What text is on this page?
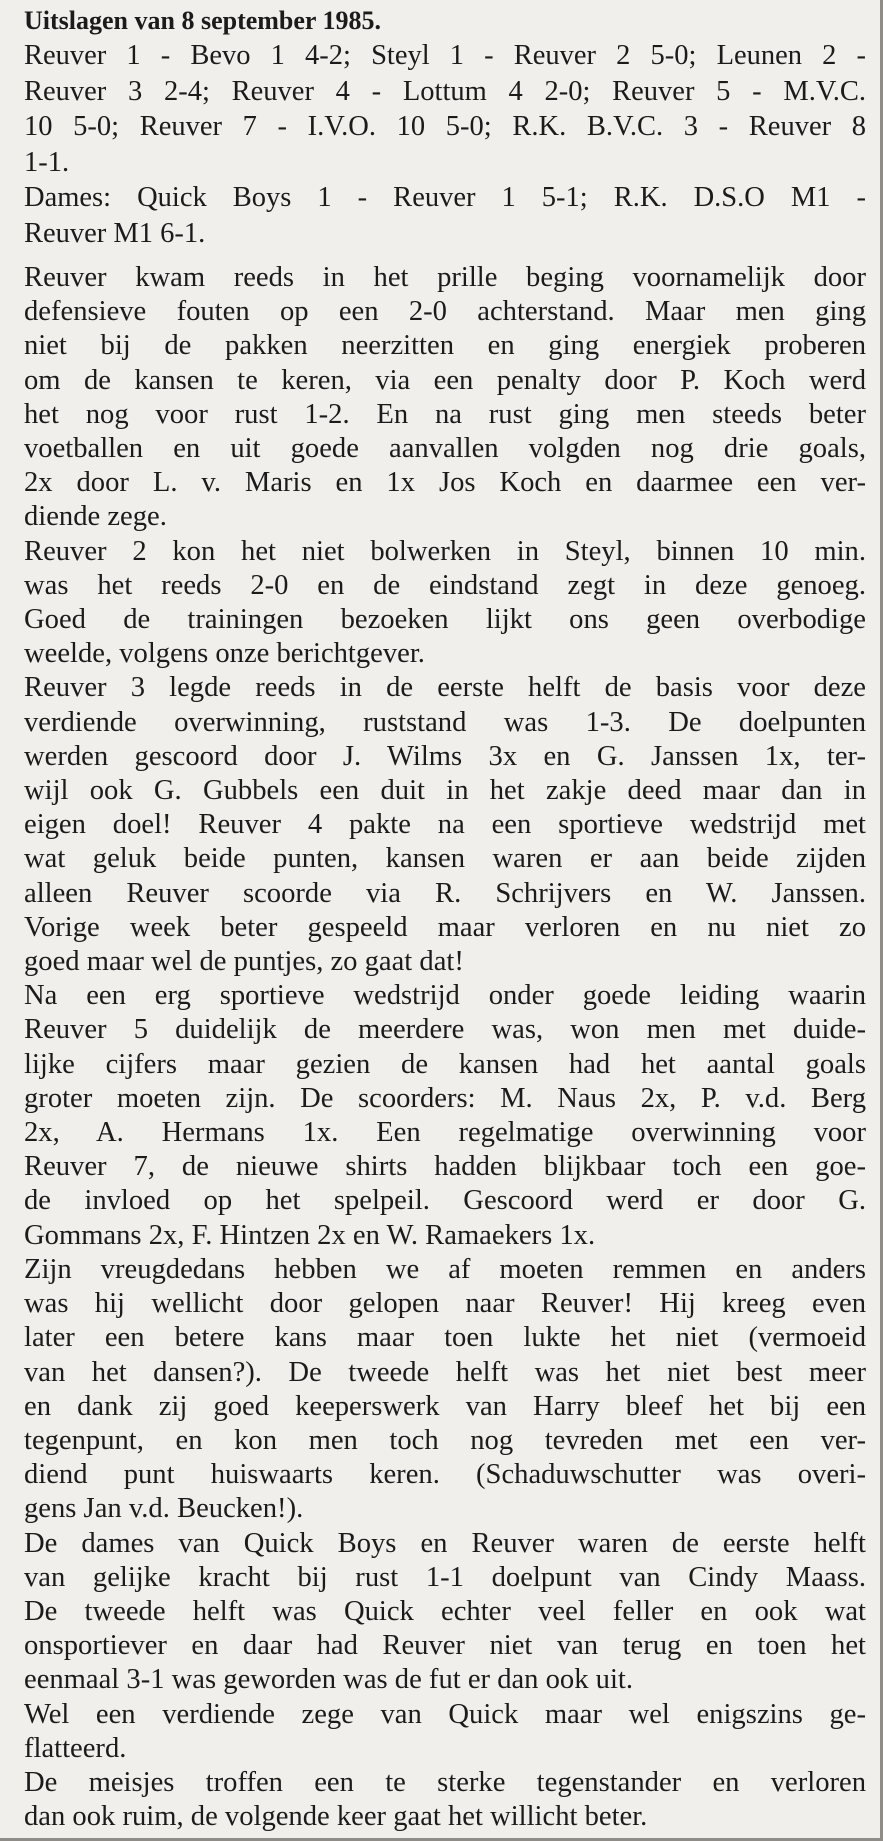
Uitslagen van 8 september 1985.

Reuver 1 - Bevo 1 4-2; Steyl 1 - Reuver 2 5-0; Leunen 2 -
Reuver 3 2-4; Reuver 4 - Lottum 4 2-0; Reuver 5 - M.V.C.
10 5-0; Reuver 7 - I.V.O. 10 5-0; R.K. B.V.C. 3 - Reuver 8
1-1.

Dames: Quick Boys 1 - Reuver 1 5-1; R.K. D.S.O M1 -
Reuver M1 6-1.

Reuver kwam reeds in het prille beging voornamelijk door
defensieve fouten op een 2-0 achterstand. Maar men ging
niet bij de pakken neerzitten en ging energiek proberen
om de kansen te keren, via een penalty door P. Koch werd
het nog voor rust 1-2. En na rust ging men steeds beter
voetballen en uit goede aanvallen volgden nog drie goals,
2x door L. v. Maris en 1x Jos Koch en daarmee een ver-
diende zege.

Reuver 2 kon het niet bolwerken in Steyl, binnen 10 min.
was het reeds 2-0 en de eindstand zegt in deze genoeg.
Goed de trainingen bezoeken lijkt ons geen overbodige
weelde, volgens onze berichtgever.

Reuver 3 legde reeds in de eerste helft de basis voor deze
verdiende overwinning, ruststand was 1-3. De doelpunten
werden gescoord door J. Wilms 3x en G. Janssen 1x, ter-
wijl ook G. Gubbels een duit in het zakje deed maar dan in
eigen doel! Reuver 4 pakte na een sportieve wedstrijd met
wat geluk beide punten, kansen waren er aan beide zijden
alleen Reuver scoorde via R. Schrijvers en W. Janssen.
Vorige week beter gespeeld maar verloren en nu niet zo
goed maar wel de puntjes, zo gaat dat!

Na een erg sportieve wedstrijd onder goede leiding waarin
Reuver 5 duidelijk de meerdere was, won men met duide-
lijke cijfers maar gezien de kansen had het aantal goals
groter moeten zijn. De scoorders: M. Naus 2x, P. v.d. Berg
2x, A. Hermans 1x. Een regelmatige overwinning voor
Reuver 7, de nieuwe shirts hadden blijkbaar toch een goe-
de invloed op het spelpeil. Gescoord werd er door G.
Gommans 2x, F. Hintzen 2x en W. Ramaekers 1x.

Zijn vreugdedans hebben we af moeten remmen en anders
was hij wellicht door gelopen naar Reuver! Hij kreeg even
later een betere kans maar toen lukte het niet (vermoeid
van het dansen?). De tweede helft was het niet best meer
en dank zij goed keeperswerk van Harry bleef het bij een
tegenpunt, en kon men toch nog tevreden met een ver-
diend punt huiswaarts keren. (Schaduwschutter was overi-
gens Jan v.d. Beucken!).

De dames van Quick Boys en Reuver waren de eerste helft
van gelijke kracht bij rust 1-1 doelpunt van Cindy Maass.
De tweede helft was Quick echter veel feller en ook wat
onsportiever en daar had Reuver niet van terug en toen het
eenmaal 3-1 was geworden was de fut er dan ook uit.

Wel een verdiende zege van Quick maar wel enigszins ge-
flatteerd.

De meisjes troffen een te sterke tegenstander en verloren
dan ook ruim, de volgende keer gaat het willicht beter.
